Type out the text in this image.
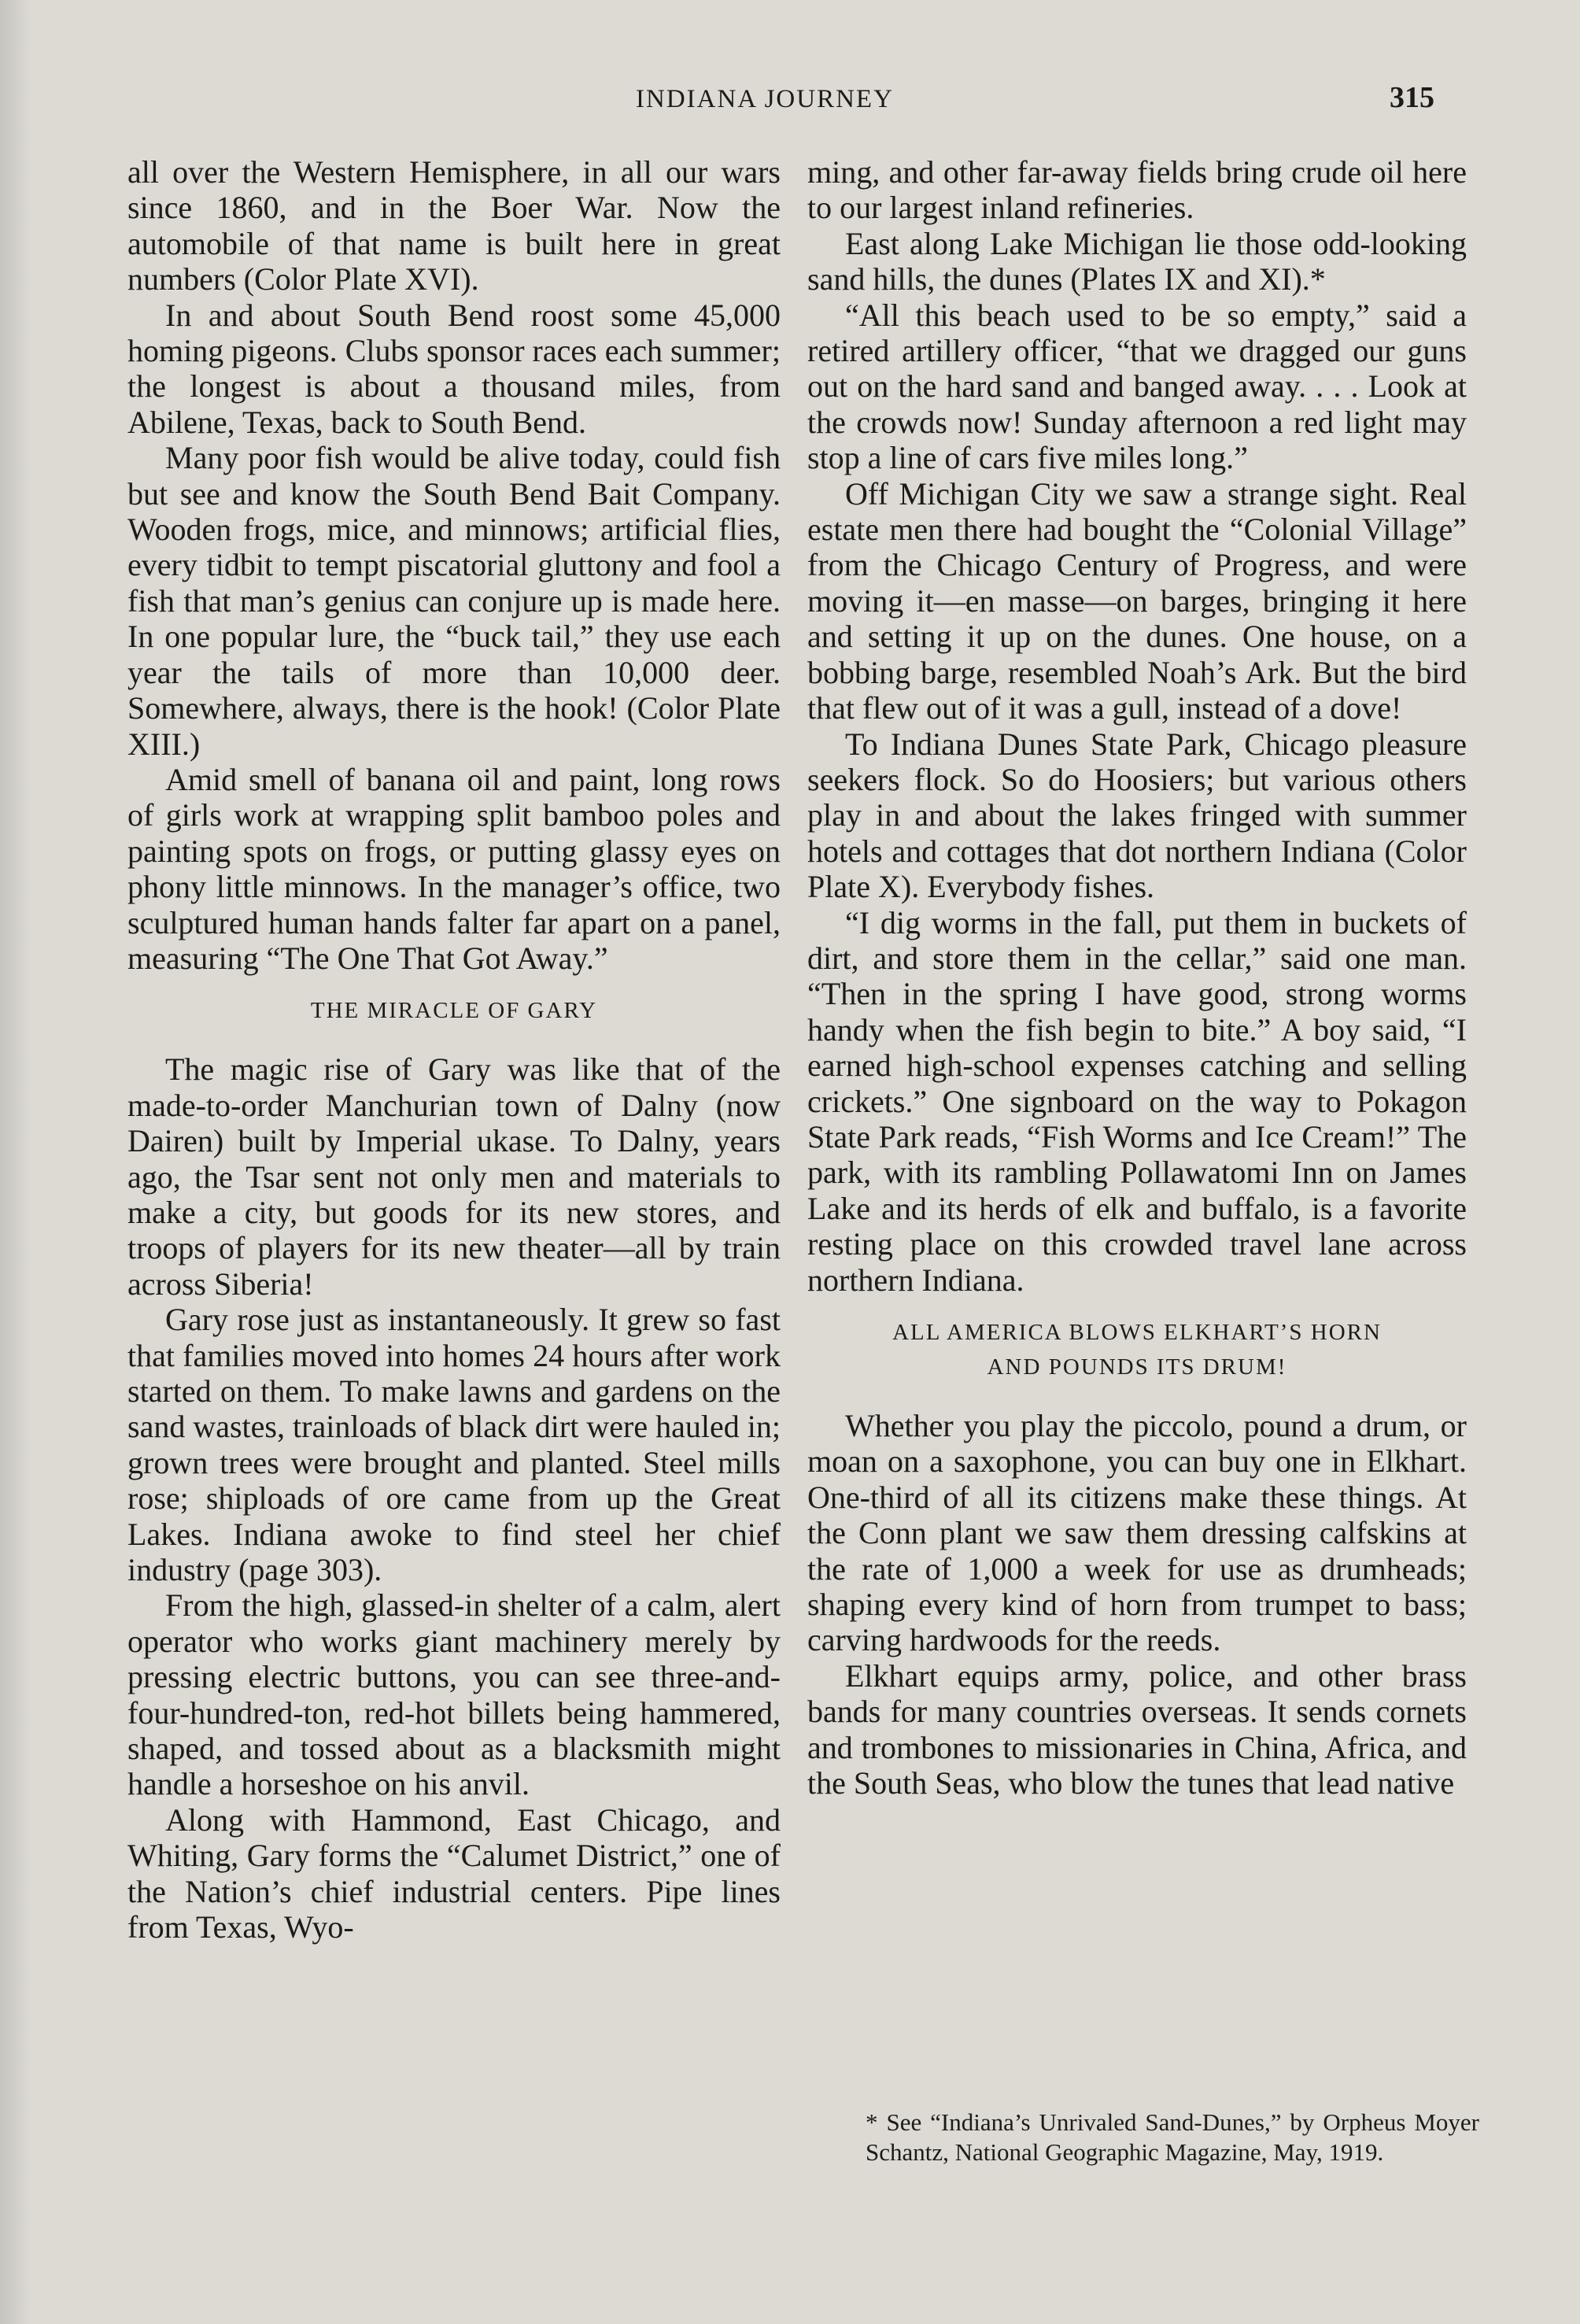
INDIANA JOURNEY	315

all over the Western Hemisphere, in all our wars since 1860, and in the Boer War. Now the automobile of that name is built here in great numbers (Color Plate XVI).

In and about South Bend roost some 45,000 homing pigeons. Clubs sponsor races each summer; the longest is about a thousand miles, from Abilene, Texas, back to South Bend.

Many poor fish would be alive today, could fish but see and know the South Bend Bait Company. Wooden frogs, mice, and minnows; artificial flies, every tidbit to tempt piscatorial gluttony and fool a fish that man’s genius can conjure up is made here. In one popular lure, the “buck tail,” they use each year the tails of more than 10,000 deer. Somewhere, always, there is the hook! (Color Plate XIII.)

Amid smell of banana oil and paint, long rows of girls work at wrapping split bamboo poles and painting spots on frogs, or putting glassy eyes on phony little minnows. In the manager’s office, two sculptured human hands falter far apart on a panel, measuring “The One That Got Away.”

THE MIRACLE OF GARY

The magic rise of Gary was like that of the made-to-order Manchurian town of Dalny (now Dairen) built by Imperial ukase. To Dalny, years ago, the Tsar sent not only men and materials to make a city, but goods for its new stores, and troops of players for its new theater—all by train across Siberia!

Gary rose just as instantaneously. It grew so fast that families moved into homes 24 hours after work started on them. To make lawns and gardens on the sand wastes, trainloads of black dirt were hauled in; grown trees were brought and planted. Steel mills rose; shiploads of ore came from up the Great Lakes. Indiana awoke to find steel her chief industry (page 303).

From the high, glassed-in shelter of a calm, alert operator who works giant machinery merely by pressing electric buttons, you can see three-and-four-hundred-ton, red-hot billets being hammered, shaped, and tossed about as a blacksmith might handle a horseshoe on his anvil.

Along with Hammond, East Chicago, and Whiting, Gary forms the “Calumet District,” one of the Nation’s chief industrial centers. Pipe lines from Texas, Wyo-

ming, and other far-away fields bring crude oil here to our largest inland refineries.

East along Lake Michigan lie those odd-looking sand hills, the dunes (Plates IX and XI).*

“All this beach used to be so empty,” said a retired artillery officer, “that we dragged our guns out on the hard sand and banged away. . . . Look at the crowds now! Sunday afternoon a red light may stop a line of cars five miles long.”

Off Michigan City we saw a strange sight. Real estate men there had bought the “Colonial Village” from the Chicago Century of Progress, and were moving it—en masse—on barges, bringing it here and setting it up on the dunes. One house, on a bobbing barge, resembled Noah’s Ark. But the bird that flew out of it was a gull, instead of a dove!

To Indiana Dunes State Park, Chicago pleasure seekers flock. So do Hoosiers; but various others play in and about the lakes fringed with summer hotels and cottages that dot northern Indiana (Color Plate X). Everybody fishes.

“I dig worms in the fall, put them in buckets of dirt, and store them in the cellar,” said one man. “Then in the spring I have good, strong worms handy when the fish begin to bite.” A boy said, “I earned high-school expenses catching and selling crickets.” One signboard on the way to Pokagon State Park reads, “Fish Worms and Ice Cream!” The park, with its rambling Pollawatomi Inn on James Lake and its herds of elk and buffalo, is a favorite resting place on this crowded travel lane across northern Indiana.

ALL AMERICA BLOWS ELKHART’S HORN
AND POUNDS ITS DRUM!

Whether you play the piccolo, pound a drum, or moan on a saxophone, you can buy one in Elkhart. One-third of all its citizens make these things. At the Conn plant we saw them dressing calfskins at the rate of 1,000 a week for use as drumheads; shaping every kind of horn from trumpet to bass; carving hardwoods for the reeds.

Elkhart equips army, police, and other brass bands for many countries overseas. It sends cornets and trombones to missionaries in China, Africa, and the South Seas, who blow the tunes that lead native

* See “Indiana’s Unrivaled Sand-Dunes,” by Orpheus Moyer Schantz, National Geographic Magazine, May, 1919.
